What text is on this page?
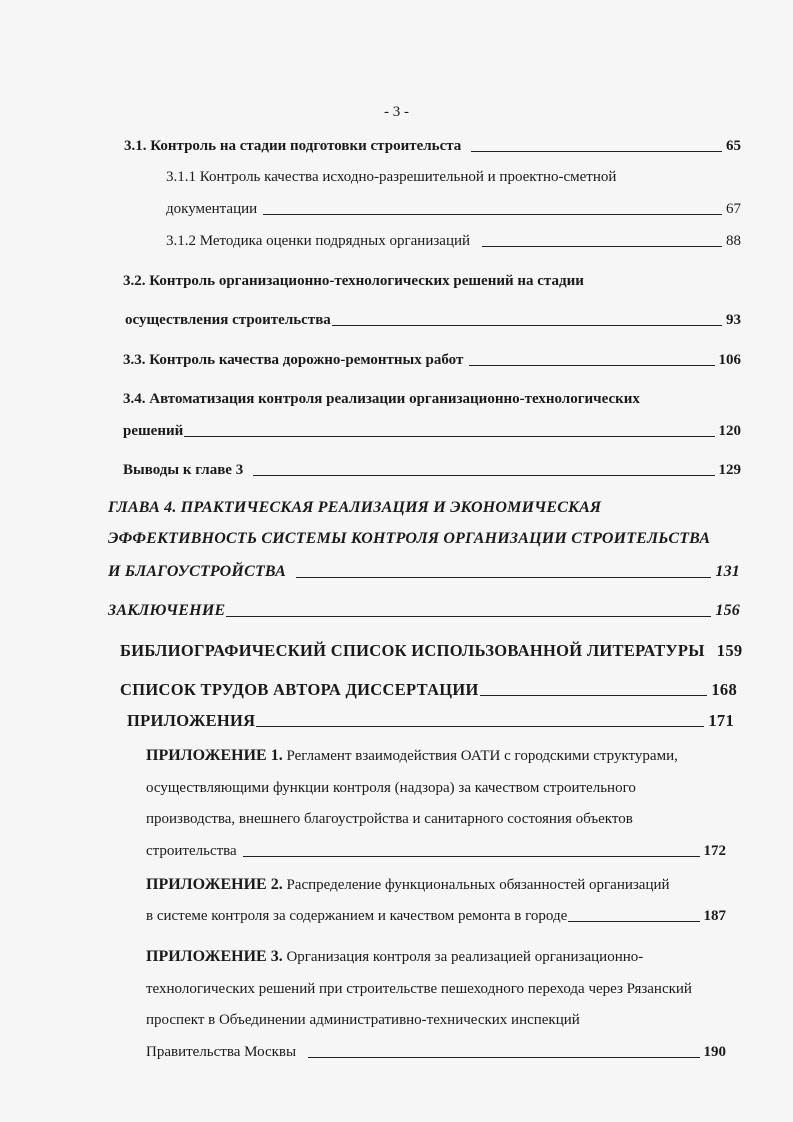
- 3 -
3.1. Контроль на стадии подготовки строительста	65
3.1.1 Контроль качества исходно-разрешительной и проектно-сметной
документации	67
3.1.2 Методика оценки подрядных организаций	88
3.2. Контроль организационно-технологических решений на стадии
осуществления строительства	93
3.3. Контроль качества дорожно-ремонтных работ	106
3.4. Автоматизация контроля реализации организационно-технологических
решений	120
Выводы к главе 3	129
ГЛАВА 4. ПРАКТИЧЕСКАЯ РЕАЛИЗАЦИЯ И ЭКОНОМИЧЕСКАЯ
ЭФФЕКТИВНОСТЬ СИСТЕМЫ КОНТРОЛЯ ОРГАНИЗАЦИИ СТРОИТЕЛЬСТВА
И БЛАГОУСТРОЙСТВА	131
ЗАКЛЮЧЕНИЕ	156
БИБЛИОГРАФИЧЕСКИЙ СПИСОК ИСПОЛЬЗОВАННОЙ ЛИТЕРАТУРЫ 159
СПИСОК ТРУДОВ АВТОРА ДИССЕРТАЦИИ	168
ПРИЛОЖЕНИЯ	171
ПРИЛОЖЕНИЕ 1. Регламент взаимодействия ОАТИ с городскими структурами,
осуществляющими функции контроля (надзора) за качеством строительного
производства, внешнего благоустройства и санитарного состояния объектов
строительства	172
ПРИЛОЖЕНИЕ 2. Распределение функциональных обязанностей организаций
в системе контроля за содержанием и качеством ремонта в городе	187
ПРИЛОЖЕНИЕ 3. Организация контроля за реализацией организационно-
технологических решений при строительстве пешеходного перехода через Рязанский
проспект в Объединении административно-технических инспекций
Правительства Москвы	190
